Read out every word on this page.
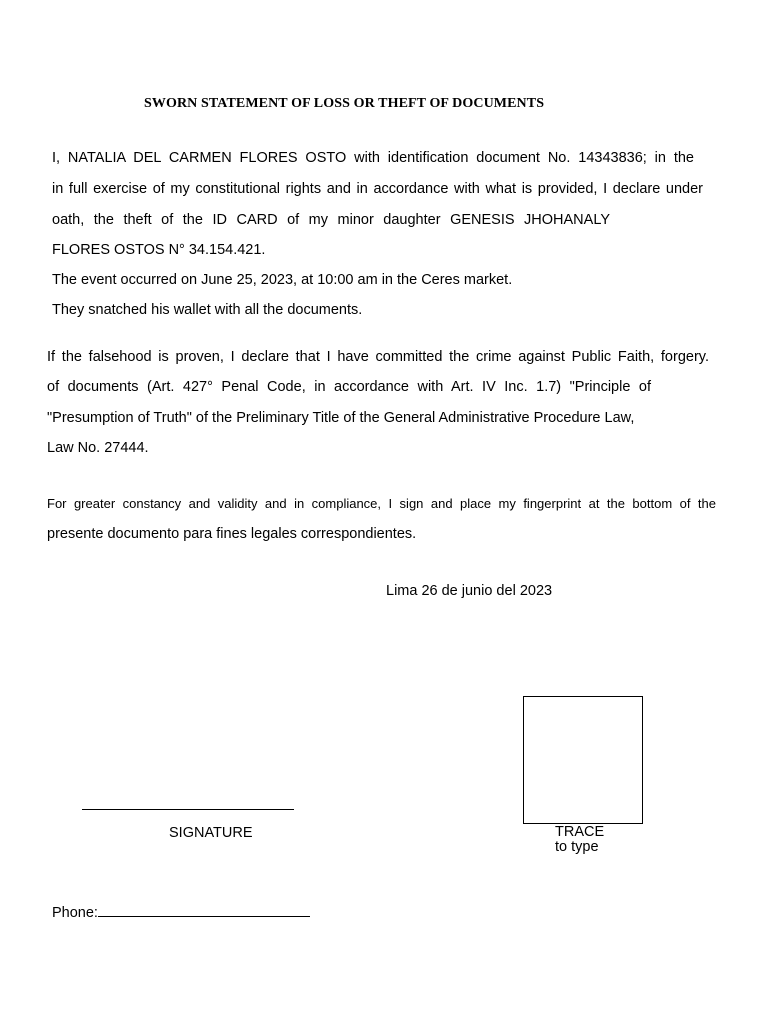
SWORN STATEMENT OF LOSS OR THEFT OF DOCUMENTS
I, NATALIA DEL CARMEN FLORES OSTO with identification document No. 14343836; in the
in full exercise of my constitutional rights and in accordance with what is provided, I declare under
oath, the theft of the ID CARD of my minor daughter GENESIS JHOHANALY
FLORES OSTOS N° 34.154.421.
The event occurred on June 25, 2023, at 10:00 am in the Ceres market.
They snatched his wallet with all the documents.
If the falsehood is proven, I declare that I have committed the crime against Public Faith, forgery.
of documents (Art. 427° Penal Code, in accordance with Art. IV Inc. 1.7) "Principle of
"Presumption of Truth" of the Preliminary Title of the General Administrative Procedure Law,
Law No. 27444.
For greater constancy and validity and in compliance, I sign and place my fingerprint at the bottom of the
presente documento para fines legales correspondientes.
Lima 26 de junio del 2023
SIGNATURE	TRACE
to type
Phone:
